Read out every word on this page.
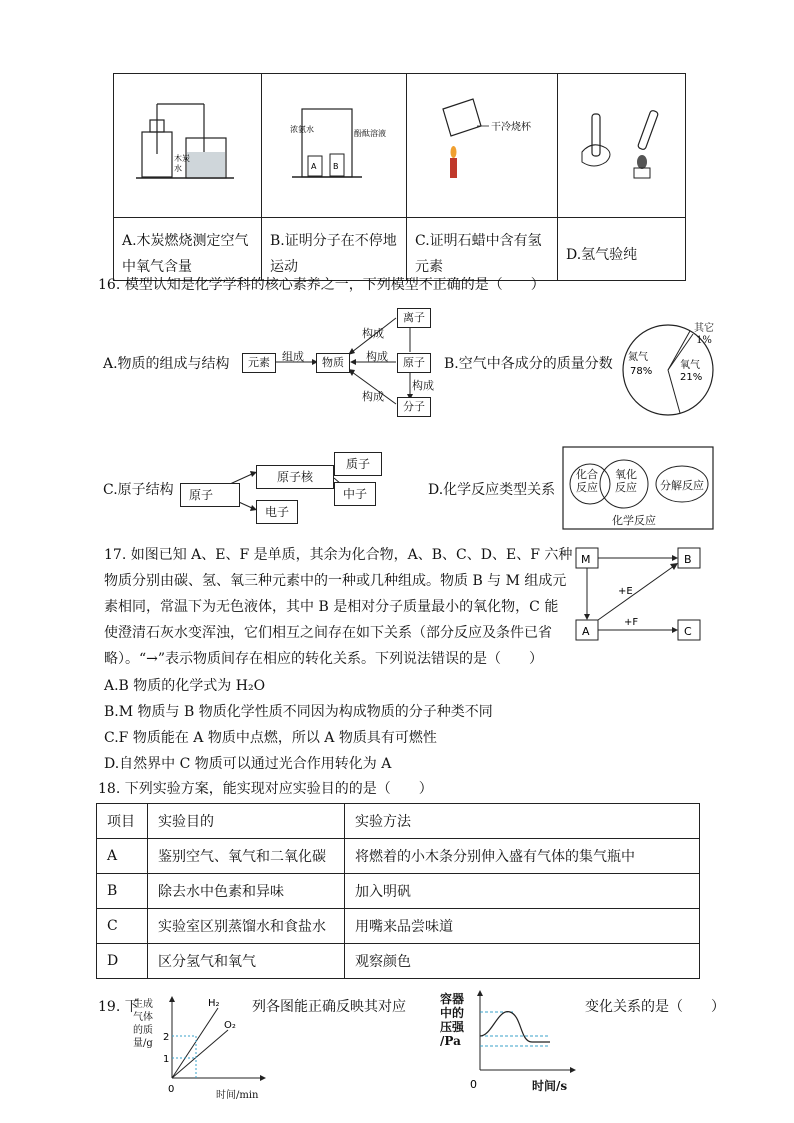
木炭
水	A B
浓氨水 酚酞溶液	干冷烧杯

A.木炭燃烧测定空气中氧气含量	B.证明分子在不停地运动	C.证明石蜡中含有氢元素	D.氢气验纯
16. 模型认知是化学学科的核心素养之一，下列模型不正确的是（　　）
A.物质的组成与结构	元素	物质	原子
离子
分子
组成
构成
构成
构成
构成
B.空气中各成分的质量分数 氮气
78%
氧气
21%
其它
1%
C.原子结构	原子
原子核
电子
质子
中子	D.化学反应类型关系
化合反应
氧化反应	分解反应
化学反应
17. 如图已知 A、E、F 是单质，其余为化合物，A、B、C、D、E、F 六种
物质分别由碳、氢、氧三种元素中的一种或几种组成。物质 B 与 M 组成元
素相同，常温下为无色液体，其中 B 是相对分子质量最小的氧化物，C 能
使澄清石灰水变浑浊，它们相互之间存在如下关系（部分反应及条件已省
略）。“→”表示物质间存在相应的转化关系。下列说法错误的是（　　）
A.B 物质的化学式为 H₂O
B.M 物质与 B 物质化学性质不同因为构成物质的分子种类不同
C.F 物质能在 A 物质中点燃，所以 A 物质具有可燃性
D.自然界中 C 物质可以通过光合作用转化为 A
M	B
A	C
+E
+F
18. 下列实验方案，能实现对应实验目的的是（　　）
项目	实验目的	实验方法
A	鉴别空气、氧气和二氧化碳	将燃着的小木条分别伸入盛有气体的集气瓶中
B	除去水中色素和异味	加入明矾
C	实验室区别蒸馏水和食盐水	用嘴来品尝味道
D	区分氢气和氧气	观察颜色
19. 下	列各图能正确反映其对应	变化关系的是（　　）
生成
气体
的质
量/g
2
1
0
H₂
O₂
时间/min
容器
中的
压强
/Pa
0	时间/s
